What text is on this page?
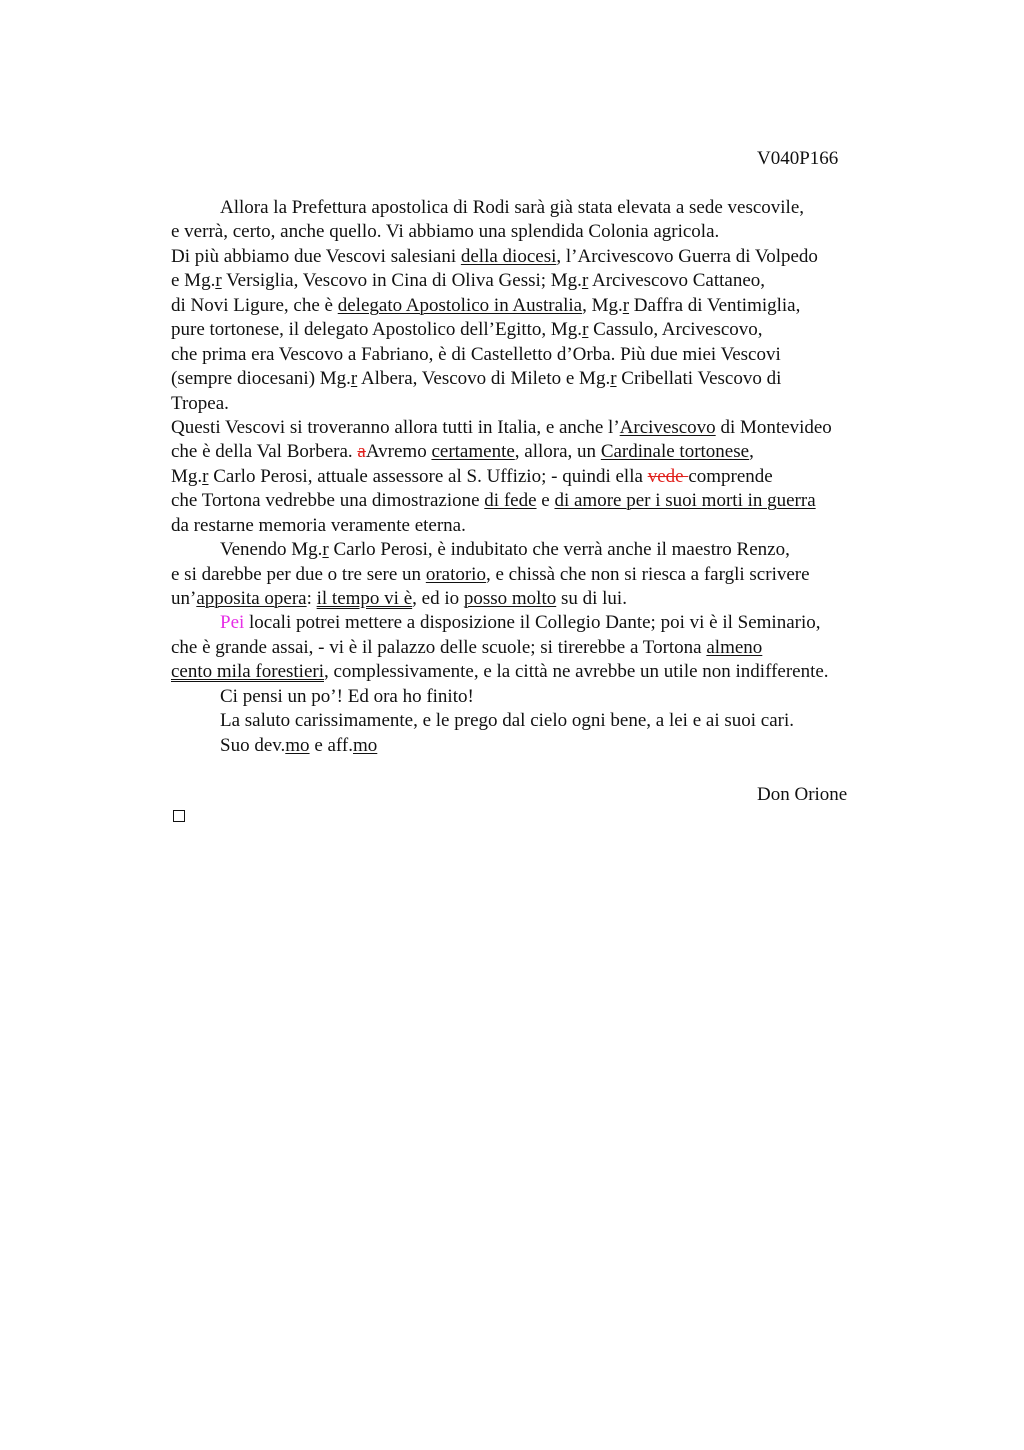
V040P166
Allora la Prefettura apostolica di Rodi sarà già stata elevata a sede vescovile,
e verrà, certo, anche quello. Vi abbiamo una splendida Colonia agricola.
Di più abbiamo due Vescovi salesiani della diocesi, l’Arcivescovo Guerra di Volpedo
e Mg.r Versiglia, Vescovo in Cina di Oliva Gessi; Mg.r Arcivescovo Cattaneo,
di Novi Ligure, che è delegato Apostolico in Australia, Mg.r Daffra di Ventimiglia,
pure tortonese, il delegato Apostolico dell’Egitto, Mg.r Cassulo, Arcivescovo,
che prima era Vescovo a Fabriano, è di Castelletto d’Orba. Più due miei Vescovi
(sempre diocesani) Mg.r Albera, Vescovo di Mileto e Mg.r Cribellati Vescovo di
Tropea.
Questi Vescovi si troveranno allora tutti in Italia, e anche l’Arcivescovo di Montevideo
che è della Val Borbera. aAvremo certamente, allora, un Cardinale tortonese,
Mg.r Carlo Perosi, attuale assessore al S. Uffizio; - quindi ella vede comprende
che Tortona vedrebbe una dimostrazione di fede e di amore per i suoi morti in guerra
da restarne memoria veramente eterna.
Venendo Mg.r Carlo Perosi, è indubitato che verrà anche il maestro Renzo,
e si darebbe per due o tre sere un oratorio, e chissà che non si riesca a fargli scrivere
un’apposita opera: il tempo vi è, ed io posso molto su di lui.
Pei locali potrei mettere a disposizione il Collegio Dante; poi vi è il Seminario,
che è grande assai, - vi è il palazzo delle scuole; si tirerebbe a Tortona almeno
cento mila forestieri, complessivamente, e la città ne avrebbe un utile non indifferente.
Ci pensi un po’! Ed ora ho finito!
La saluto carissimamente, e le prego dal cielo ogni bene, a lei e ai suoi cari.
Suo dev.mo e aff.mo
Don Orione
